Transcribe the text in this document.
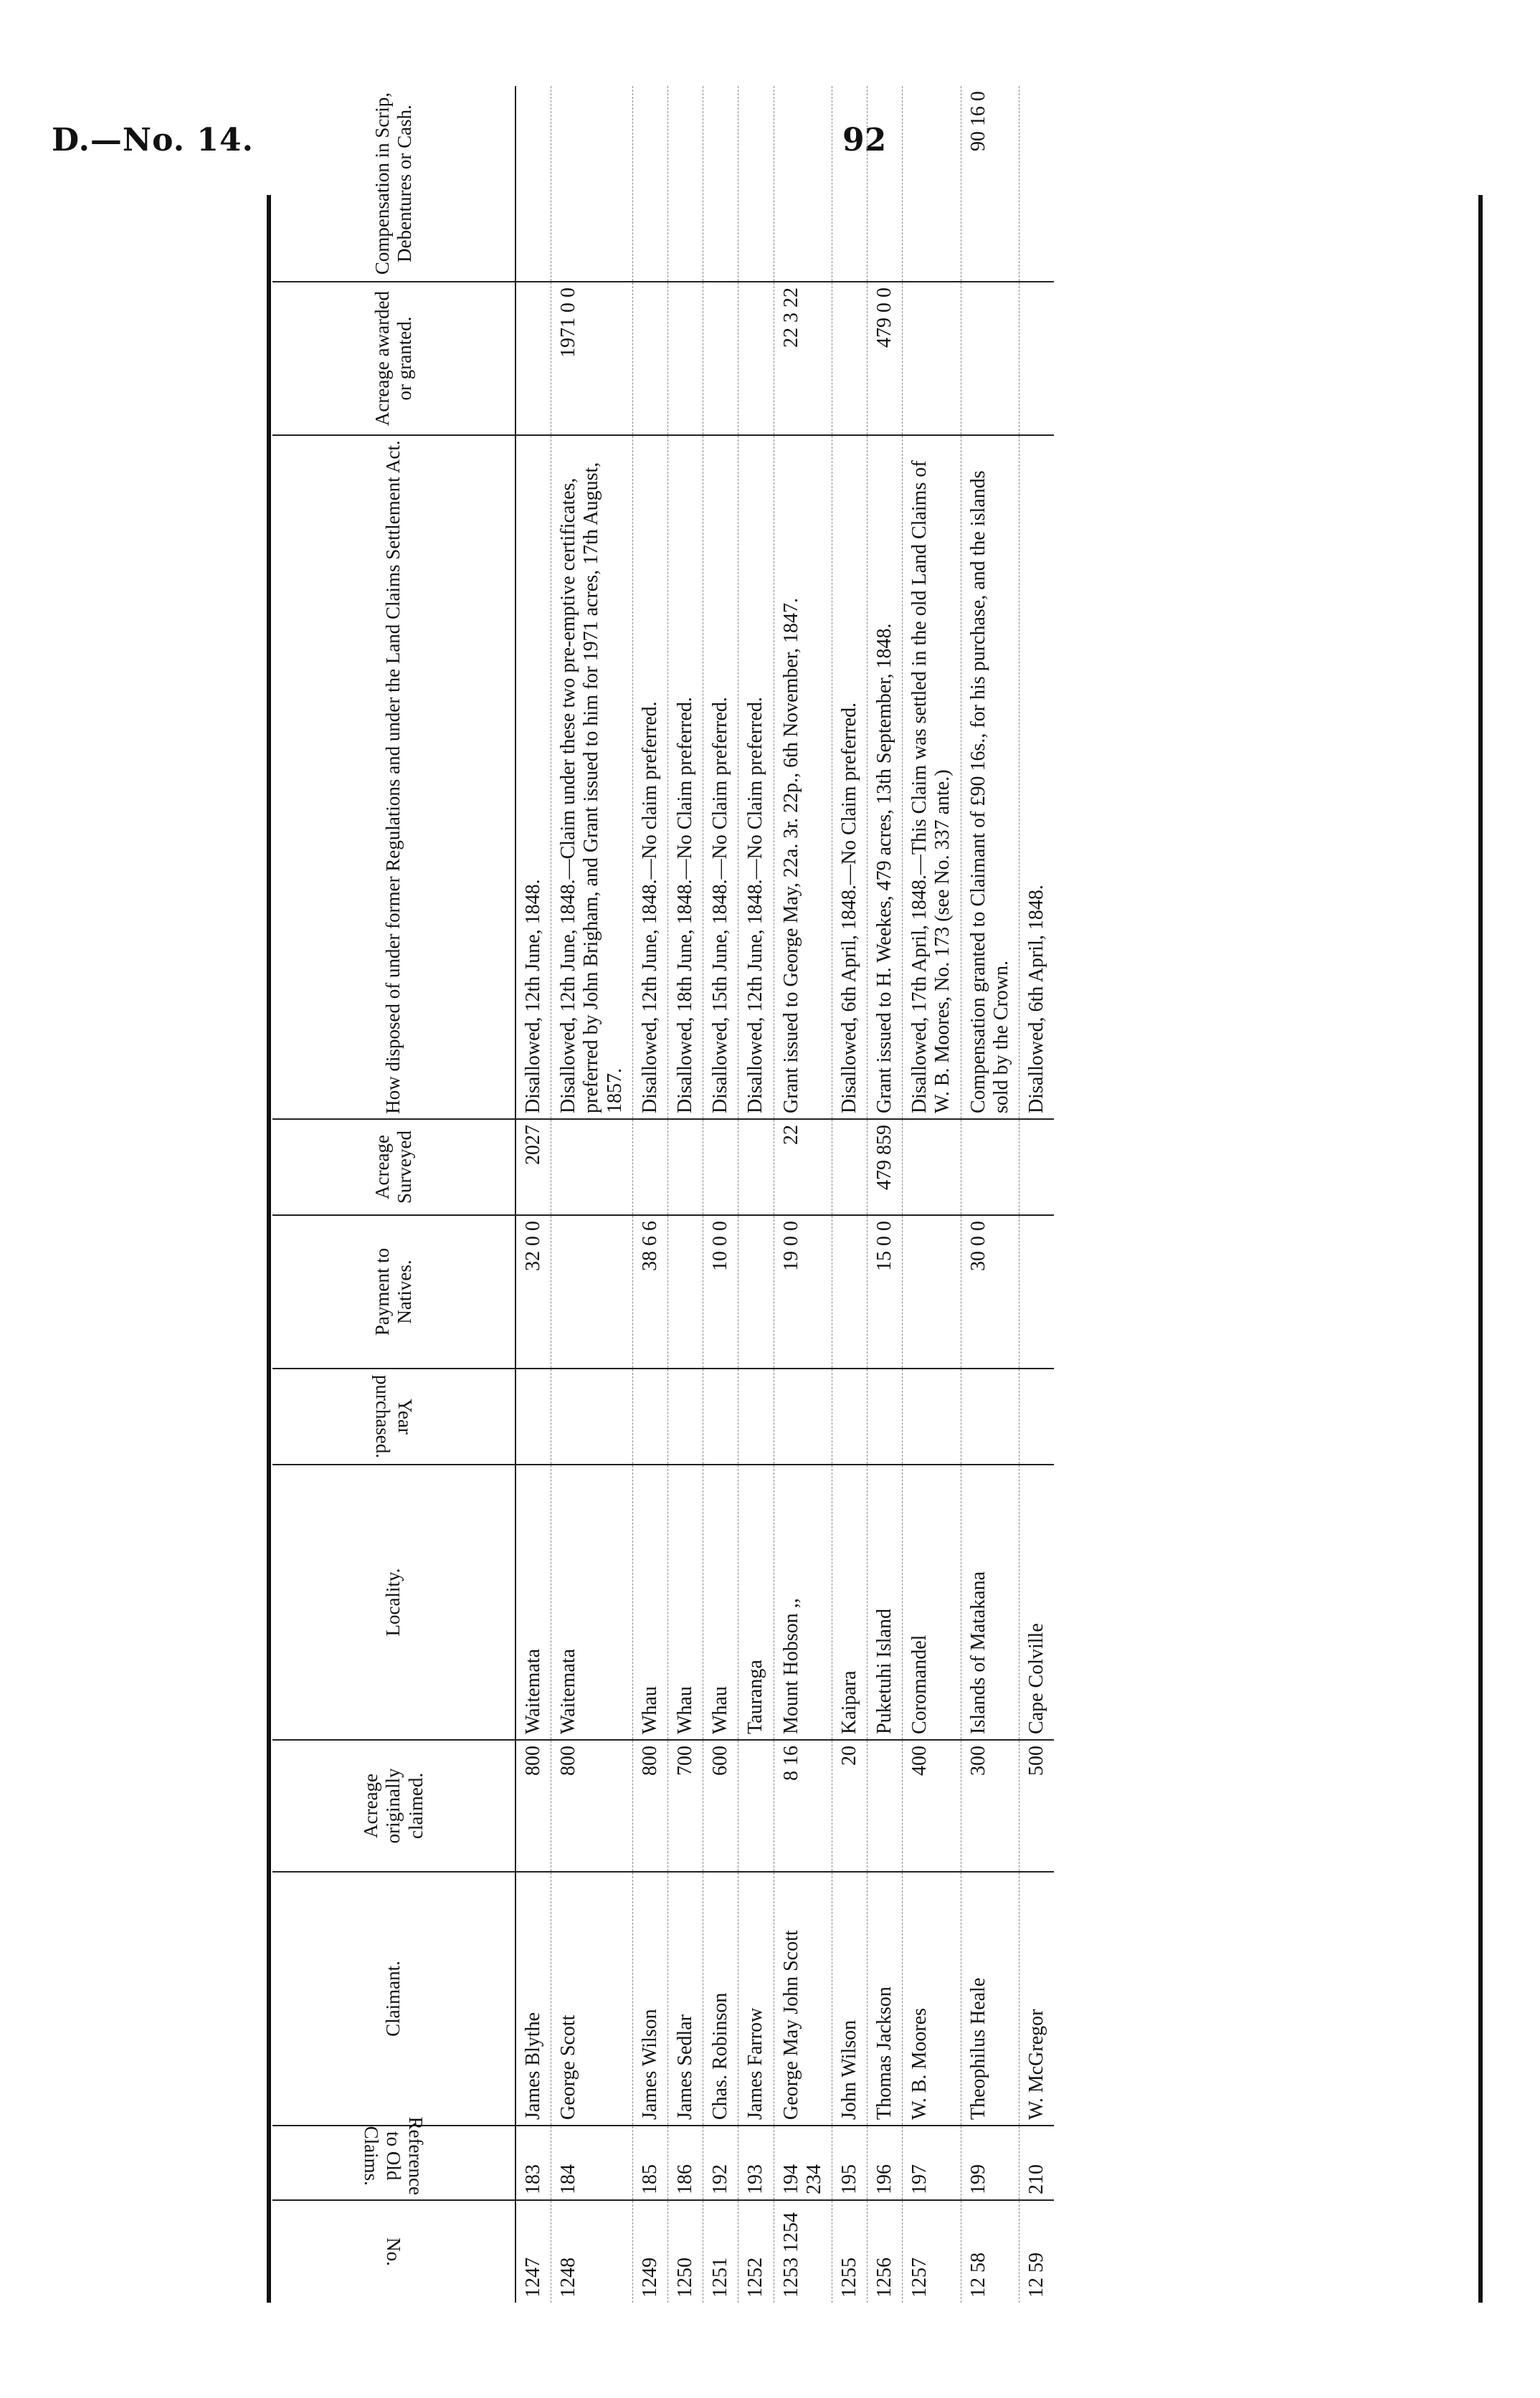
D.—No. 14.	92
No.	Reference to Old Claims.	Claimant.	Acreage originally claimed.	Locality.	Year purchased.	Payment to Natives.	Acreage Surveyed	How disposed of under former Regulations and under the Land Claims Settlement Act.	Acreage awarded or granted.	Compensation in Scrip, Debentures or Cash.
1247	183	James Blythe	800	Waitemata		32 0 0	2027	Disallowed, 12th June, 1848.		
1248	184	George Scott	800	Waitemata				Disallowed, 12th June, 1848.—Claim under these two pre-emptive certificates, preferred by John Brigham, and Grant issued to him for 1971 acres, 17th August, 1857.	1971 0 0	
1249	185	James Wilson	800	Whau		38 6 6		Disallowed, 12th June, 1848.—No claim preferred.		
1250	186	James Sedlar	700	Whau				Disallowed, 18th June, 1848.—No Claim preferred.		
1251	192	Chas. Robinson	600	Whau		10 0 0		Disallowed, 15th June, 1848.—No Claim preferred.		
1252	193	James Farrow		Tauranga				Disallowed, 12th June, 1848.—No Claim preferred.		
1253 1254	194 234	George May John Scott	8 16	Mount Hobson ,,		19 0 0	22	Grant issued to George May, 22a. 3r. 22p., 6th November, 1847.	22 3 22	
1255	195	John Wilson	20	Kaipara				Disallowed, 6th April, 1848.—No Claim preferred.		
1256	196	Thomas Jackson		Puketuhi Island		15 0 0	479 859	Grant issued to H. Weekes, 479 acres, 13th September, 1848.	479 0 0	
1257	197	W. B. Moores	400	Coromandel				Disallowed, 17th April, 1848.—This Claim was settled in the old Land Claims of W. B. Moores, No. 173 (see No. 337 ante.)		
12 58	199	Theophilus Heale	300	Islands of Matakana		30 0 0		Compensation granted to Claimant of £90 16s., for his purchase, and the islands sold by the Crown.		90 16 0
12 59	210	W. McGregor	500	Cape Colville				Disallowed, 6th April, 1848.		
